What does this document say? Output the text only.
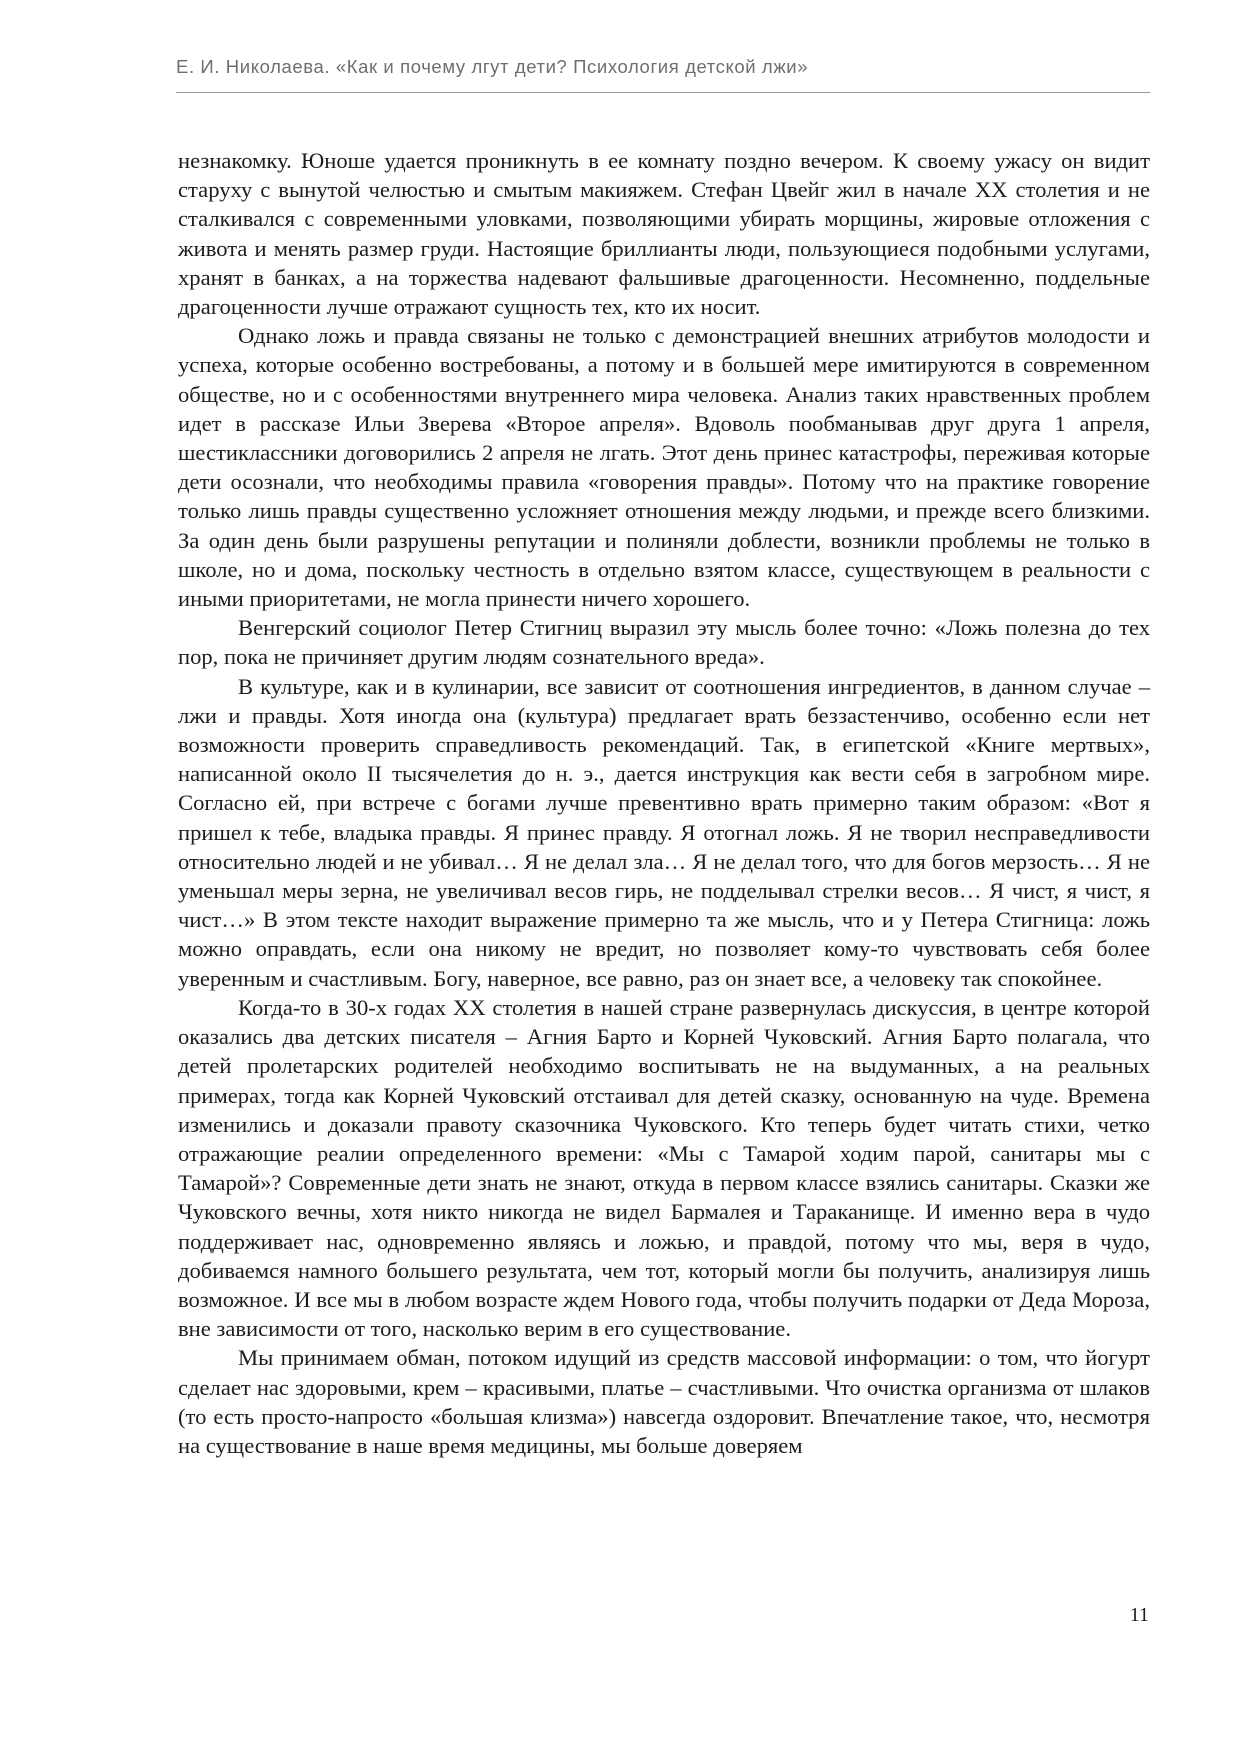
Е. И. Николаева. «Как и почему лгут дети? Психология детской лжи»

незнакомку. Юноше удается проникнуть в ее комнату поздно вечером. К своему ужасу он видит старуху с вынутой челюстью и смытым макияжем. Стефан Цвейг жил в начале XX столетия и не сталкивался с современными уловками, позволяющими убирать морщины, жировые отложения с живота и менять размер груди. Настоящие бриллианты люди, пользующиеся подобными услугами, хранят в банках, а на торжества надевают фальшивые драгоценности. Несомненно, поддельные драгоценности лучше отражают сущность тех, кто их носит.

Однако ложь и правда связаны не только с демонстрацией внешних атрибутов молодости и успеха, которые особенно востребованы, а потому и в большей мере имитируются в современном обществе, но и с особенностями внутреннего мира человека. Анализ таких нравственных проблем идет в рассказе Ильи Зверева «Второе апреля». Вдоволь пообманывав друг друга 1 апреля, шестиклассники договорились 2 апреля не лгать. Этот день принес катастрофы, переживая которые дети осознали, что необходимы правила «говорения правды». Потому что на практике говорение только лишь правды существенно усложняет отношения между людьми, и прежде всего близкими. За один день были разрушены репутации и полиняли доблести, возникли проблемы не только в школе, но и дома, поскольку честность в отдельно взятом классе, существующем в реальности с иными приоритетами, не могла принести ничего хорошего.

Венгерский социолог Петер Стигниц выразил эту мысль более точно: «Ложь полезна до тех пор, пока не причиняет другим людям сознательного вреда».

В культуре, как и в кулинарии, все зависит от соотношения ингредиентов, в данном случае – лжи и правды. Хотя иногда она (культура) предлагает врать беззастенчиво, особенно если нет возможности проверить справедливость рекомендаций. Так, в египетской «Книге мертвых», написанной около II тысячелетия до н. э., дается инструкция как вести себя в загробном мире. Согласно ей, при встрече с богами лучше превентивно врать примерно таким образом: «Вот я пришел к тебе, владыка правды. Я принес правду. Я отогнал ложь. Я не творил несправедливости относительно людей и не убивал… Я не делал зла… Я не делал того, что для богов мерзость… Я не уменьшал меры зерна, не увеличивал весов гирь, не подделывал стрелки весов… Я чист, я чист, я чист…» В этом тексте находит выражение примерно та же мысль, что и у Петера Стигница: ложь можно оправдать, если она никому не вредит, но позволяет кому-то чувствовать себя более уверенным и счастливым. Богу, наверное, все равно, раз он знает все, а человеку так спокойнее.

Когда-то в 30-х годах XX столетия в нашей стране развернулась дискуссия, в центре которой оказались два детских писателя – Агния Барто и Корней Чуковский. Агния Барто полагала, что детей пролетарских родителей необходимо воспитывать не на выдуманных, а на реальных примерах, тогда как Корней Чуковский отстаивал для детей сказку, основанную на чуде. Времена изменились и доказали правоту сказочника Чуковского. Кто теперь будет читать стихи, четко отражающие реалии определенного времени: «Мы с Тамарой ходим парой, санитары мы с Тамарой»? Современные дети знать не знают, откуда в первом классе взялись санитары. Сказки же Чуковского вечны, хотя никто никогда не видел Бармалея и Тараканище. И именно вера в чудо поддерживает нас, одновременно являясь и ложью, и правдой, потому что мы, веря в чудо, добиваемся намного большего результата, чем тот, который могли бы получить, анализируя лишь возможное. И все мы в любом возрасте ждем Нового года, чтобы получить подарки от Деда Мороза, вне зависимости от того, насколько верим в его существование.

Мы принимаем обман, потоком идущий из средств массовой информации: о том, что йогурт сделает нас здоровыми, крем – красивыми, платье – счастливыми. Что очистка организма от шлаков (то есть просто-напросто «большая клизма») навсегда оздоровит. Впечатление такое, что, несмотря на существование в наше время медицины, мы больше доверяем

11
